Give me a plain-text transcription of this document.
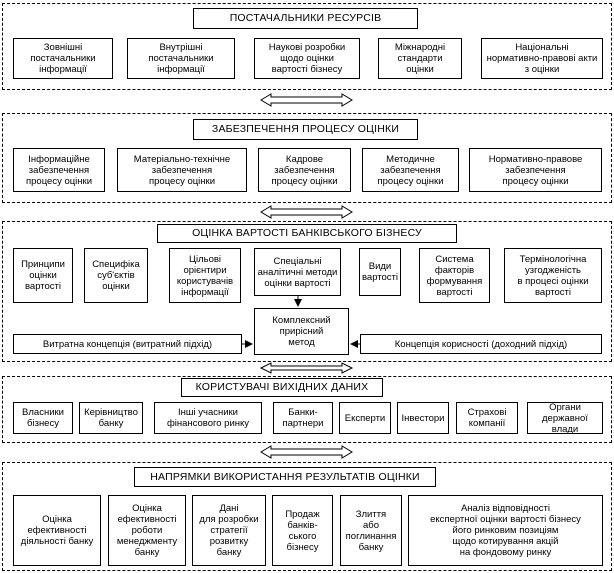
ПОСТАЧАЛЬНИКИ РЕСУРСІВ
Зовнішні
постачальники
інформації
Внутрішні
постачальники
інформації
Наукові розробки
щодо оцінки
вартості бізнесу
Міжнародні
стандарти
оцінки
Національні
нормативно-правові акти
з оцінки
ЗАБЕЗПЕЧЕННЯ ПРОЦЕСУ ОЦІНКИ
Інформаційне
забезпечення
процесу оцінки
Матеріально-технічне
забезпечення
процесу оцінки
Кадрове
забезпечення
процесу оцінки
Методичне
забезпечення
процесу оцінки
Нормативно-правове
забезпечення
процесу оцінки
ОЦІНКА ВАРТОСТІ БАНКІВСЬКОГО БІЗНЕСУ
Принципи
оцінки
вартості
Специфіка
суб'єктів
оцінки
Цільові
орієнтири
користувачів
інформації
Спеціальні
аналітичні методи
оцінки вартості
Види
вартості
Система
факторів
формування
вартості
Термінологічна
узгодженість
в процесі оцінки
вартості
Комплексний
прирісний
метод
Витратна концепція (витратний підхід)	Концепція корисності (доходний підхід)
КОРИСТУВАЧІ ВИХІДНИХ ДАНИХ
Власники
бізнесу
Керівництво
банку
Інші учасники
фінансового ринку
Банки-
партнери	Експерти	Інвестори	Страхові
компанії
Органи
державної влади
НАПРЯМКИ ВИКОРИСТАННЯ РЕЗУЛЬТАТІВ ОЦІНКИ
Оцінка
ефективності
діяльності банку
Оцінка
ефективності
роботи
менеджменту
банку
Дані
для розробки
стратегії
розвитку
банку
Продаж
банків-
ського
бізнесу
Злиття
або
поглинання
банку
Аналіз відповідності
експертної оцінки вартості бізнесу
його ринковим позиціям
щодо котирування акцій
на фондовому ринку
